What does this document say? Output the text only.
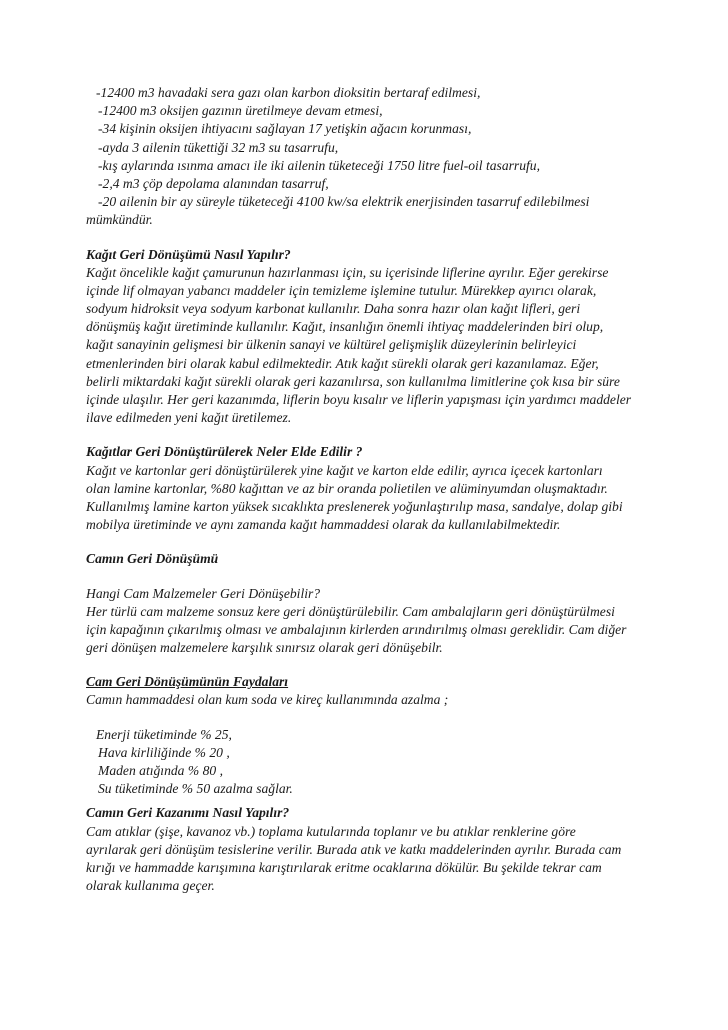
-12400 m3 havadaki sera gazı olan karbon dioksitin bertaraf edilmesi,
-12400 m3 oksijen gazının üretilmeye devam etmesi,
-34 kişinin oksijen ihtiyacını sağlayan 17 yetişkin ağacın korunması,
-ayda 3 ailenin tükettiği 32 m3 su tasarrufu,
-kış aylarında ısınma amacı ile iki ailenin tüketeceği 1750 litre fuel-oil tasarrufu,
-2,4 m3 çöp depolama alanından tasarruf,
-20 ailenin bir ay süreyle tüketeceği 4100 kw/sa elektrik enerjisinden tasarruf edilebilmesi
mümkündür.
Kağıt Geri Dönüşümü Nasıl Yapılır?
Kağıt öncelikle kağıt çamurunun hazırlanması için, su içerisinde liflerine ayrılır. Eğer gerekirse
içinde lif olmayan yabancı maddeler için temizleme işlemine tutulur. Mürekkep ayırıcı olarak,
sodyum hidroksit veya sodyum karbonat kullanılır. Daha sonra hazır olan kağıt lifleri, geri
dönüşmüş kağıt üretiminde kullanılır. Kağıt, insanlığın önemli ihtiyaç maddelerinden biri olup,
kağıt sanayinin gelişmesi bir ülkenin sanayi ve kültürel gelişmişlik düzeylerinin belirleyici
etmenlerinden biri olarak kabul edilmektedir. Atık kağıt sürekli olarak geri kazanılamaz. Eğer,
belirli miktardaki kağıt sürekli olarak geri kazanılırsa, son kullanılma limitlerine çok kısa bir süre
içinde ulaşılır. Her geri kazanımda, liflerin boyu kısalır ve liflerin yapışması için yardımcı maddeler
ilave edilmeden yeni kağıt üretilemez.
Kağıtlar Geri Dönüştürülerek Neler Elde Edilir ?
Kağıt ve kartonlar geri dönüştürülerek yine kağıt ve karton elde edilir, ayrıca içecek kartonları
olan lamine kartonlar, %80 kağıttan ve az bir oranda polietilen ve alüminyumdan oluşmaktadır.
Kullanılmış lamine karton yüksek sıcaklıkta preslenerek yoğunlaştırılıp masa, sandalye, dolap gibi
mobilya üretiminde ve aynı zamanda kağıt hammaddesi olarak da kullanılabilmektedir.
Camın Geri Dönüşümü
Hangi Cam Malzemeler Geri Dönüşebilir?
Her türlü cam malzeme sonsuz kere geri dönüştürülebilir. Cam ambalajların geri dönüştürülmesi
için kapağının çıkarılmış olması ve ambalajının kirlerden arındırılmış olması gereklidir. Cam diğer
geri dönüşen malzemelere karşılık sınırsız olarak geri dönüşebilr.
Cam Geri Dönüşümünün Faydaları
Camın hammaddesi olan kum soda ve kireç kullanımında azalma ;
Enerji tüketiminde % 25,
Hava kirliliğinde % 20 ,
Maden atığında % 80 ,
Su tüketiminde % 50 azalma sağlar.
Camın Geri Kazanımı Nasıl Yapılır?
Cam atıklar (şişe, kavanoz vb.) toplama kutularında toplanır ve bu atıklar renklerine göre
ayrılarak geri dönüşüm tesislerine verilir. Burada atık ve katkı maddelerinden ayrılır. Burada cam
kırığı ve hammadde karışımına karıştırılarak eritme ocaklarına dökülür. Bu şekilde tekrar cam
olarak kullanıma geçer.
